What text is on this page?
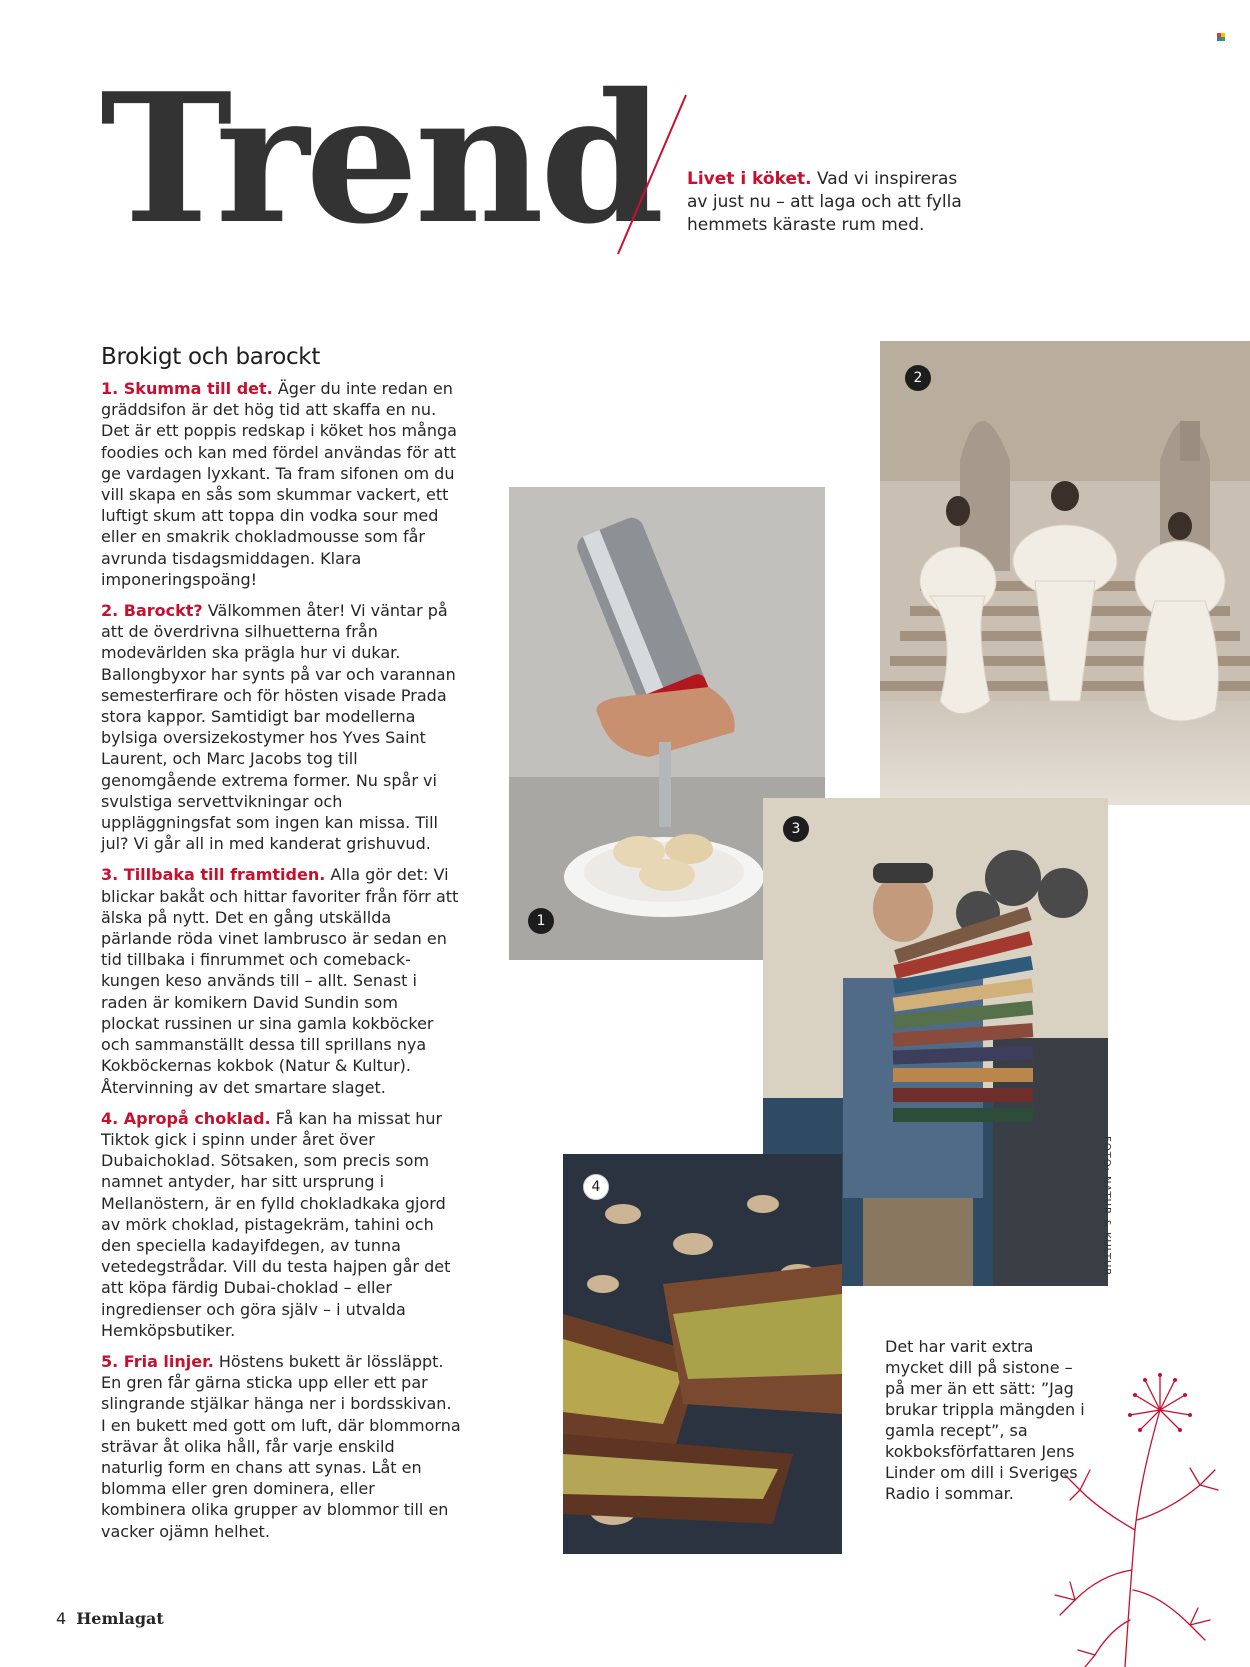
Trend Livet i köket. Vad vi inspireras av just nu – att laga och att fylla hemmets käraste rum med.
Brokigt och barockt

1. Skumma till det. Äger du inte redan en gräddsifon är det hög tid att skaffa en nu. Det är ett poppis redskap i köket hos många foodies och kan med fördel användas för att ge vardagen lyxkant. Ta fram sifonen om du vill skapa en sås som skummar vackert, ett luftigt skum att toppa din vodka sour med eller en smakrik chokladmousse som får avrunda tisdagsmiddagen. Klara imponeringspoäng!

2. Barockt? Välkommen åter! Vi väntar på att de överdrivna silhuetterna från modevärlden ska prägla hur vi dukar. Ballongbyxor har synts på var och varannan semesterfirare och för hösten visade Prada stora kappor. Samtidigt bar modellerna bylsiga oversizekostymer hos Yves Saint Laurent, och Marc Jacobs tog till genomgående extrema former. Nu spår vi svulstiga servettvikningar och uppläggningsfat som ingen kan missa. Till jul? Vi går all in med kanderat grishuvud.

3. Tillbaka till framtiden. Alla gör det: Vi blickar bakåt och hittar favoriter från förr att älska på nytt. Det en gång utskällda pärlande röda vinet lambrusco är sedan en tid tillbaka i finrummet och comeback-kungen keso används till – allt. Senast i raden är komikern David Sundin som plockat russinen ur sina gamla kokböcker och sammanställt dessa till sprillans nya Kokböckernas kokbok (Natur & Kultur). Återvinning av det smartare slaget.

4. Apropå choklad. Få kan ha missat hur Tiktok gick i spinn under året över Dubaichoklad. Sötsaken, som precis som namnet antyder, har sitt ursprung i Mellanöstern, är en fylld chokladkaka gjord av mörk choklad, pistagekräm, tahini och den speciella kadayifdegen, av tunna vetedegstrådar. Vill du testa hajpen går det att köpa färdig Dubai-choklad – eller ingredienser och göra själv – i utvalda Hemköpsbutiker.

5. Fria linjer. Höstens bukett är lössläppt. En gren får gärna sticka upp eller ett par slingrande stjälkar hänga ner i bordsskivan. I en bukett med gott om luft, där blommorna strävar åt olika håll, får varje enskild naturlig form en chans att synas. Låt en blomma eller gren dominera, eller kombinera olika grupper av blommor till en vacker ojämn helhet.

2
1
3
FOTO: NATUR & KULTUR
4
Det har varit extra mycket dill på sistone – på mer än ett sätt: ”Jag brukar trippla mängden i gamla recept”, sa kokboksförfattaren Jens Linder om dill i Sveriges Radio i sommar.
4 Hemlagat
